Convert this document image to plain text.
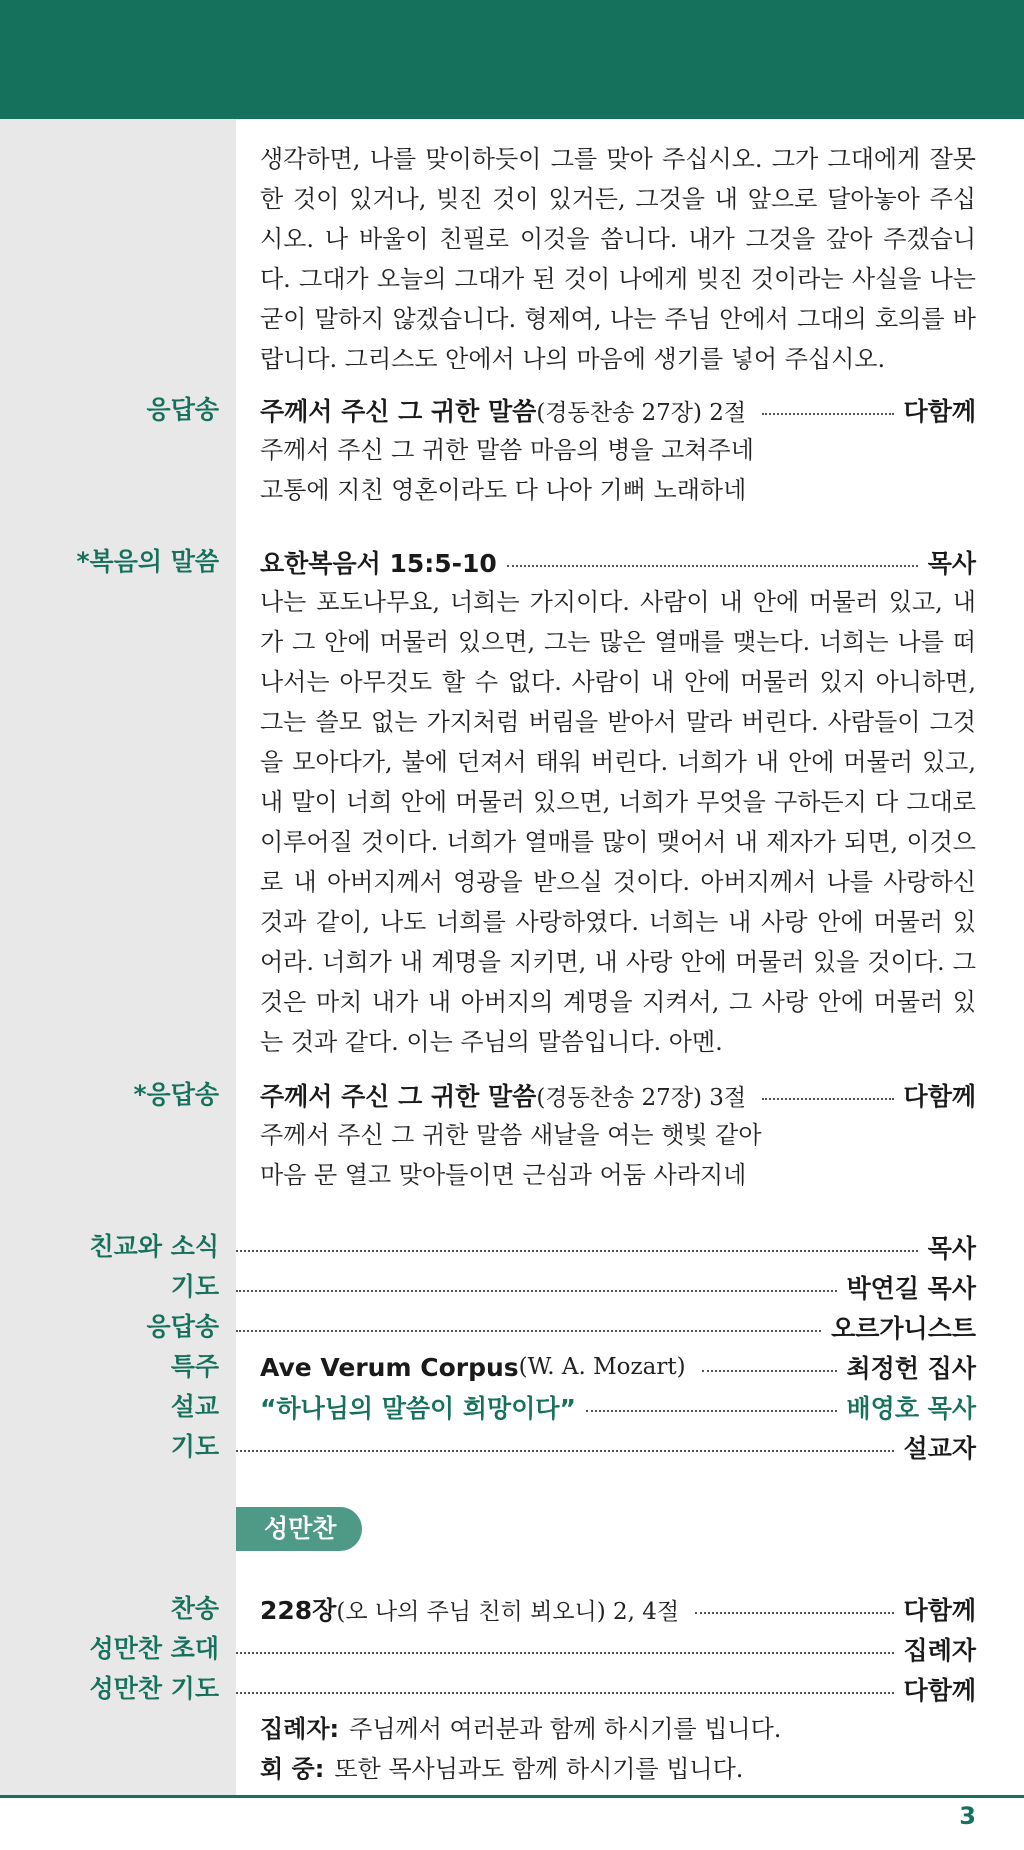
생각하면, 나를 맞이하듯이 그를 맞아 주십시오. 그가 그대에게 잘못 한 것이 있거나, 빚진 것이 있거든, 그것을 내 앞으로 달아놓아 주십시오. 나 바울이 친필로 이것을 씁니다. 내가 그것을 갚아 주겠습니다. 그대가 오늘의 그대가 된 것이 나에게 빚진 것이라는 사실을 나는 굳이 말하지 않겠습니다. 형제여, 나는 주님 안에서 그대의 호의를 바랍니다. 그리스도 안에서 나의 마음에 생기를 넣어 주십시오.

응답송 주께서 주신 그 귀한 말씀 (경동찬송 27장) 2절	다함께
주께서 주신 그 귀한 말씀 마음의 병을 고쳐주네
고통에 지친 영혼이라도 다 나아 기뻐 노래하네
*복음의 말씀 요한복음서 15:5-10	목사

나는 포도나무요, 너희는 가지이다. 사람이 내 안에 머물러 있고, 내가 그 안에 머물러 있으면, 그는 많은 열매를 맺는다. 너희는 나를 떠나서는 아무것도 할 수 없다. 사람이 내 안에 머물러 있지 아니하면, 그는 쓸모 없는 가지처럼 버림을 받아서 말라 버린다. 사람들이 그것을 모아다가, 불에 던져서 태워 버린다. 너희가 내 안에 머물러 있고, 내 말이 너희 안에 머물러 있으면, 너희가 무엇을 구하든지 다 그대로 이루어질 것이다. 너희가 열매를 많이 맺어서 내 제자가 되면, 이것으로 내 아버지께서 영광을 받으실 것이다. 아버지께서 나를 사랑하신 것과 같이, 나도 너희를 사랑하였다. 너희는 내 사랑 안에 머물러 있어라. 너희가 내 계명을 지키면, 내 사랑 안에 머물러 있을 것이다. 그것은 마치 내가 내 아버지의 계명을 지켜서, 그 사랑 안에 머물러 있는 것과 같다. 이는 주님의 말씀입니다. 아멘.

*응답송 주께서 주신 그 귀한 말씀 (경동찬송 27장) 3절	다함께
주께서 주신 그 귀한 말씀 새날을 여는 햇빛 같아
마음 문 열고 맞아들이면 근심과 어둠 사라지네
친교와 소식	목사
기도	박연길 목사
응답송	오르가니스트
특주 Ave Verum Corpus (W. A. Mozart)	최정헌 집사
설교 “하나님의 말씀이 희망이다”	배영호 목사
기도	설교자
성만찬
찬송 228장 (오 나의 주님 친히 뵈오니) 2, 4절	다함께
성만찬 초대	집례자
성만찬 기도	다함께
집례자: 주님께서 여러분과 함께 하시기를 빕니다.
회 중: 또한 목사님과도 함께 하시기를 빕니다.
3
